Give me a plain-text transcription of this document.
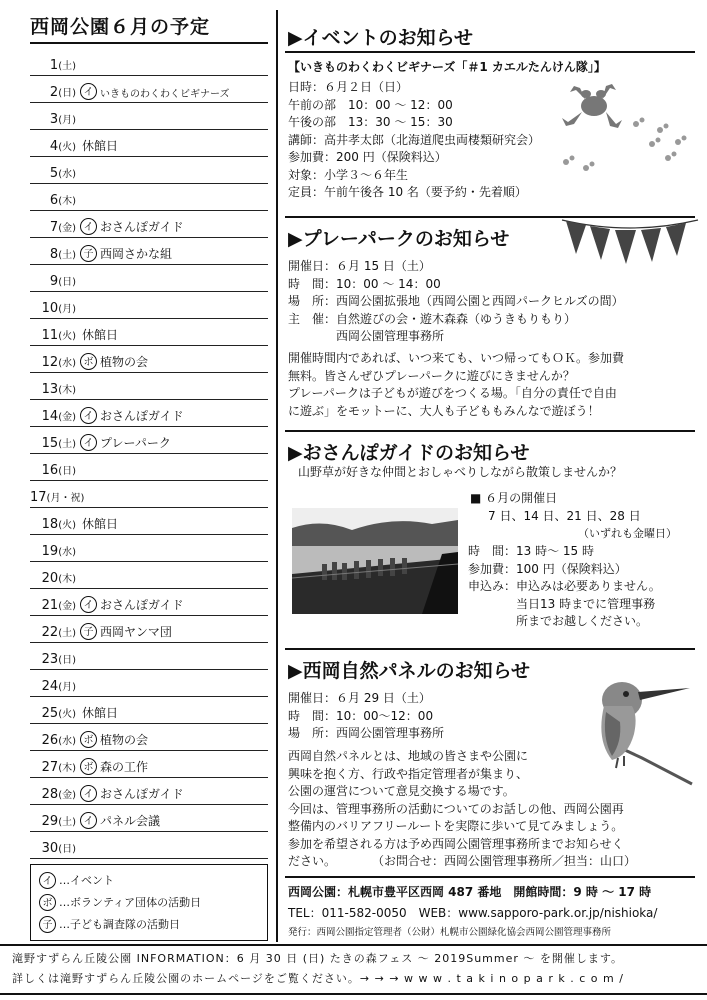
西岡公園６月の予定
1(土)
2(日) イ いきものわくわくビギナーズ
3(月)
4(火) 休館日
5(水)
6(木)
7(金) イ おさんぽガイド
8(土) 子 西岡さかな組
9(日)
10(月)
11(火) 休館日
12(水) ボ 植物の会
13(木)
14(金) イ おさんぽガイド
15(土) イ プレーパーク
16(日)
17(月・祝)
18(火) 休館日
19(水)
20(木)
21(金) イ おさんぽガイド
22(土) 子 西岡ヤンマ団
23(日)
24(月)
25(火) 休館日
26(水) ボ 植物の会
27(木) ボ 森の工作
28(金) イ おさんぽガイド
29(土) イ パネル会議
30(日)
イ …イベント
ボ …ボランティア団体の活動日
子 …子ども調査隊の活動日
▶イベントのお知らせ
【いきものわくわくビギナーズ「＃1 カエルたんけん隊」】
日時：６月２日（日）
午前の部　10：00 ～ 12：00
午後の部　13：30 ～ 15：30
講師：高井孝太郎（北海道爬虫両棲類研究会）
参加費：200 円（保険料込）
対象：小学３～６年生
定員：午前午後各 10 名（要予約・先着順）
▶プレーパークのお知らせ
開催日：６月 15 日（土）
時　間：10：00 ～ 14：00
場　所：西岡公園拡張地（西岡公園と西岡パークヒルズの間）
主　催：自然遊びの会・遊木森森（ゆうきもりもり）
　　　　西岡公園管理事務所
開催時間内であれば、いつ来ても、いつ帰ってもＯＫ。参加費
無料。皆さんぜひプレーパークに遊びにきませんか？
プレーパークは子どもが遊びをつくる場。「自分の責任で自由
に遊ぶ」をモットーに、大人も子どももみんなで遊ぼう！
▶おさんぽガイドのお知らせ
山野草が好きな仲間とおしゃべりしながら散策しませんか？
■ ６月の開催日
7 日、14 日、21 日、28 日
（いずれも金曜日）
時　間：13 時～ 15 時
参加費：100 円（保険料込）
申込み：申込みは必要ありません。
　　　　当日13 時までに管理事務
　　　　所までお越しください。
▶西岡自然パネルのお知らせ
開催日：６月 29 日（土）
時　間：10：00～12：00
場　所：西岡公園管理事務所
西岡自然パネルとは、地域の皆さまや公園に
興味を抱く方、行政や指定管理者が集まり、
公園の運営について意見交換する場です。
今回は、管理事務所の活動についてのお話しの他、西岡公園再
整備内のバリアフリールートを実際に歩いて見てみましょう。
参加を希望される方は予め西岡公園管理事務所までお知らせく
ださい。　　　　（お問合せ：西岡公園管理事務所／担当：山口）
西岡公園：札幌市豊平区西岡 487 番地　開館時間：9 時 ～ 17 時
TEL：011-582-0050　WEB：www.sapporo-park.or.jp/nishioka/
発行：西岡公園指定管理者（公財）札幌市公園緑化協会西岡公園管理事務所
滝野すずらん丘陵公園 INFORMATION：6 月 30 日 (日) たきの森フェス ～ 2019Summer ～ を開催します。
詳しくは滝野すずらん丘陵公園のホームページをご覧ください。→ → → w w w . t a k i n o p a r k . c o m /
